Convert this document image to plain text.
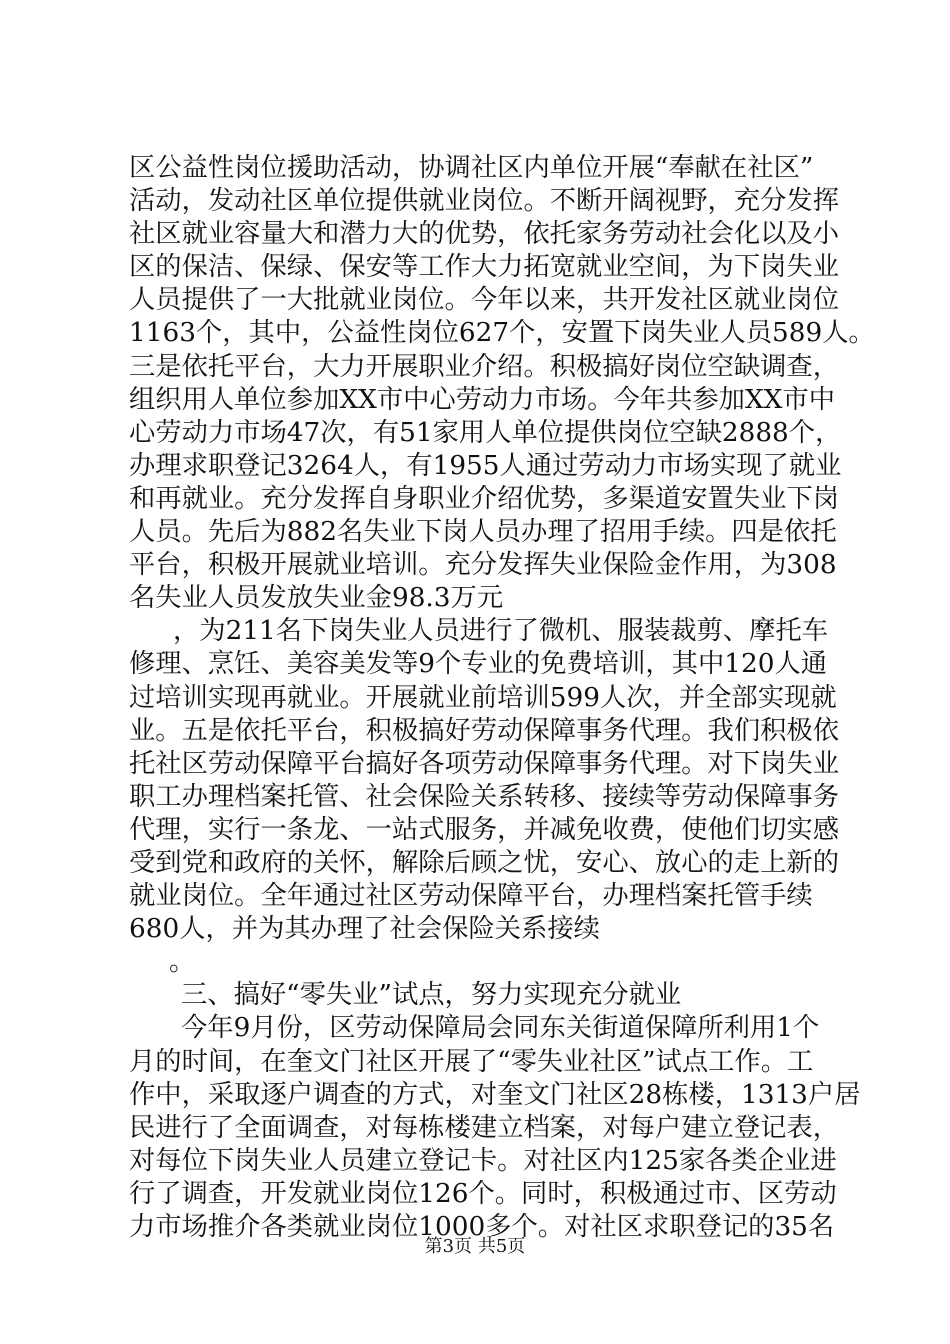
区公益性岗位援助活动，协调社区内单位开展“奉献在社区”
活动，发动社区单位提供就业岗位。不断开阔视野，充分发挥
社区就业容量大和潜力大的优势，依托家务劳动社会化以及小
区的保洁、保绿、保安等工作大力拓宽就业空间，为下岗失业
人员提供了一大批就业岗位。今年以来，共开发社区就业岗位
1163个，其中，公益性岗位627个，安置下岗失业人员589人。
三是依托平台，大力开展职业介绍。积极搞好岗位空缺调查，
组织用人单位参加XX市中心劳动力市场。今年共参加XX市中
心劳动力市场47次，有51家用人单位提供岗位空缺2888个，
办理求职登记3264人，有1955人通过劳动力市场实现了就业
和再就业。充分发挥自身职业介绍优势，多渠道安置失业下岗
人员。先后为882名失业下岗人员办理了招用手续。四是依托
平台，积极开展就业培训。充分发挥失业保险金作用，为308
名失业人员发放失业金98.3万元
，为211名下岗失业人员进行了微机、服装裁剪、摩托车
修理、烹饪、美容美发等9个专业的免费培训，其中120人通
过培训实现再就业。开展就业前培训599人次，并全部实现就
业。五是依托平台，积极搞好劳动保障事务代理。我们积极依
托社区劳动保障平台搞好各项劳动保障事务代理。对下岗失业
职工办理档案托管、社会保险关系转移、接续等劳动保障事务
代理，实行一条龙、一站式服务，并减免收费，使他们切实感
受到党和政府的关怀，解除后顾之忧，安心、放心的走上新的
就业岗位。全年通过社区劳动保障平台，办理档案托管手续
680人，并为其办理了社会保险关系接续
。
三、搞好“零失业”试点，努力实现充分就业
今年9月份，区劳动保障局会同东关街道保障所利用1个
月的时间，在奎文门社区开展了“零失业社区”试点工作。工
作中，采取逐户调查的方式，对奎文门社区28栋楼，1313户居
民进行了全面调查，对每栋楼建立档案，对每户建立登记表，
对每位下岗失业人员建立登记卡。对社区内125家各类企业进
行了调查，开发就业岗位126个。同时，积极通过市、区劳动
力市场推介各类就业岗位1000多个。对社区求职登记的35名
第3页 共5页
